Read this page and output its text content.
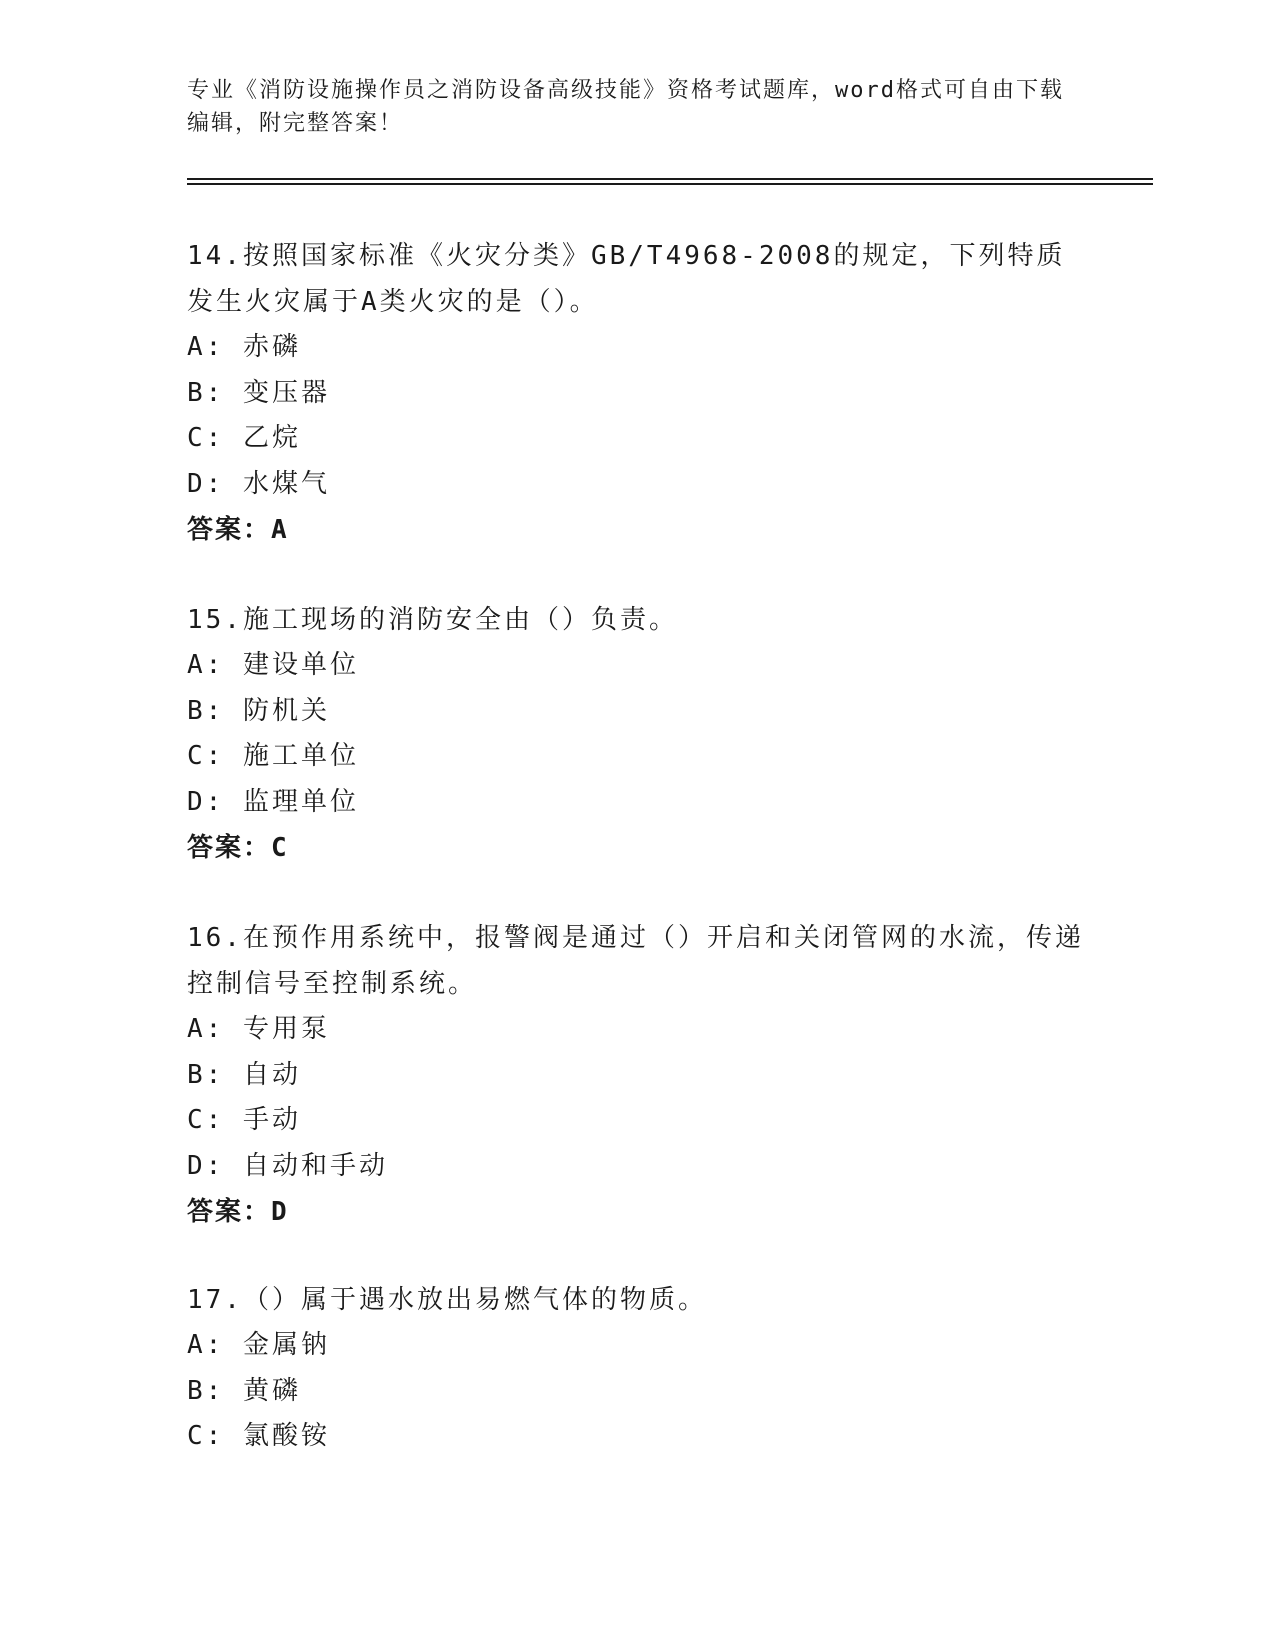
专业《消防设施操作员之消防设备高级技能》资格考试题库，word格式可自由下载编辑，附完整答案！

14.按照国家标准《火灾分类》GB/T4968-2008的规定，下列特质发生火灾属于A类火灾的是（）。

A: 赤磷

B: 变压器

C: 乙烷

D: 水煤气

答案：A

15.施工现场的消防安全由（）负责。

A: 建设单位

B: 防机关

C: 施工单位

D: 监理单位

答案：C

16.在预作用系统中，报警阀是通过（）开启和关闭管网的水流，传递控制信号至控制系统。

A: 专用泵

B: 自动

C: 手动

D: 自动和手动

答案：D

17.（）属于遇水放出易燃气体的物质。

A: 金属钠

B: 黄磷

C: 氯酸铵
